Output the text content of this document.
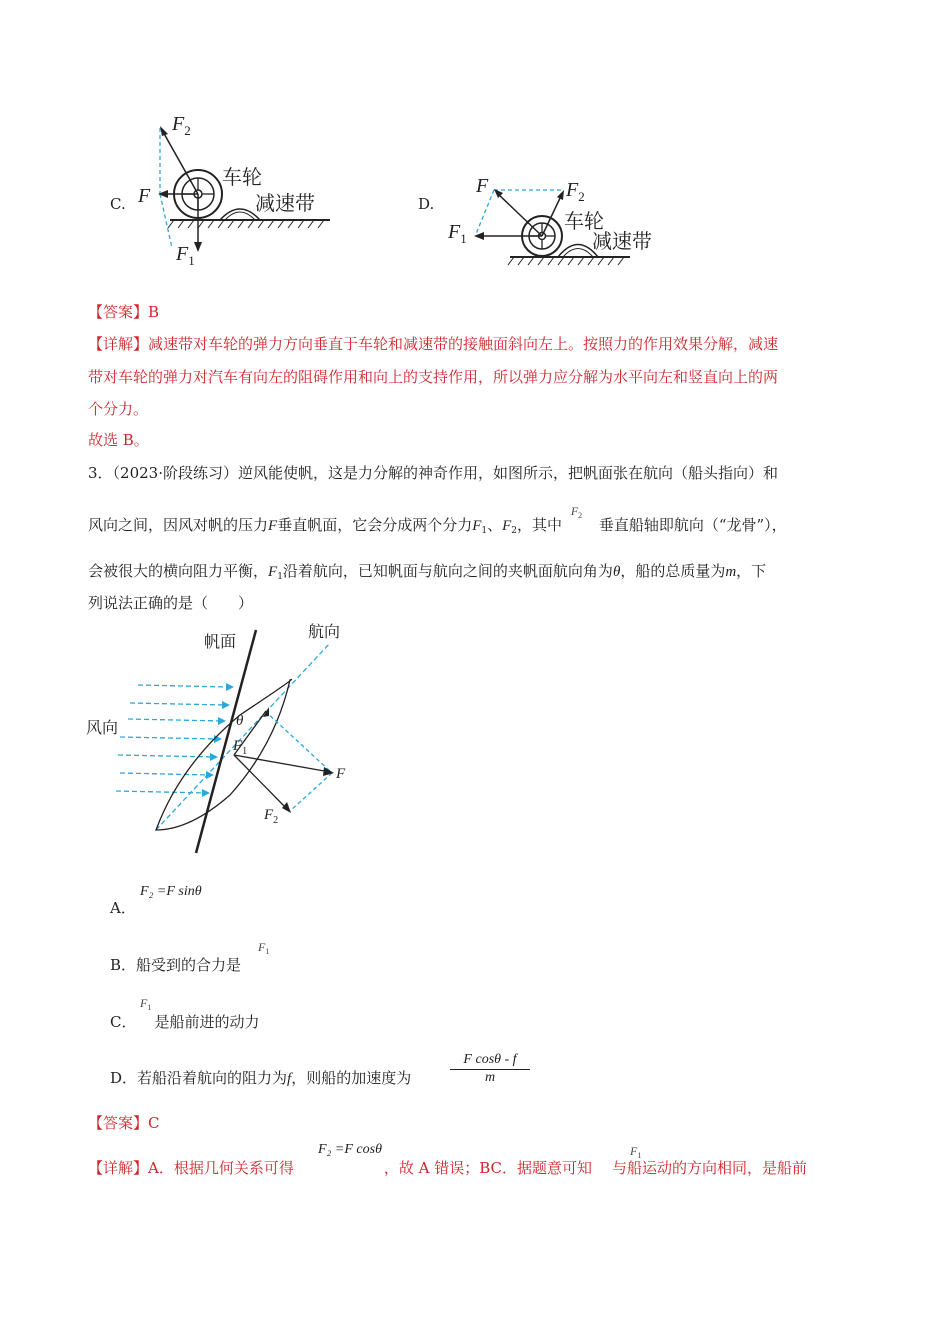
C.
$F_2$
F
$F_1$
车轮
减速带	D.
F	$F_2$
$F_1$
车轮
减速带
【答案】B
【详解】减速带对车轮的弹力方向垂直于车轮和减速带的接触面斜向左上。按照力的作用效果分解，减速
带对车轮的弹力对汽车有向左的阻碍作用和向上的支持作用，所以弹力应分解为水平向左和竖直向上的两
个分力。
故选 B。
3．（2023·阶段练习）逆风能使帆，这是力分解的神奇作用，如图所示，把帆面张在航向（船头指向）和
风向之间，因风对帆的压力F垂直帆面，它会分成两个分力$F_1$、$F_2$，其中
$F_2$
垂直船轴即航向（“龙骨”），
会被很大的横向阻力平衡，$F_1$沿着航向，已知帆面与航向之间的夹帆面航向角为θ，船的总质量为m，下
列说法正确的是（　　）
帆面
航向
风向	θ
$F_1$
F
$F_2$
A．
F₂ =F sinθ
B．船受到的合力是
$F_1$
C． 是船前进的动力
$F_1$
D．若船沿着航向的阻力为f，则船的加速度为
F cosθ - f
m
【答案】C
【详解】A．根据几何关系可得	，故 A 错误；BC．据题意可知 与船运动的方向相同，是船前
F₂ =F cosθ	$F_1$
